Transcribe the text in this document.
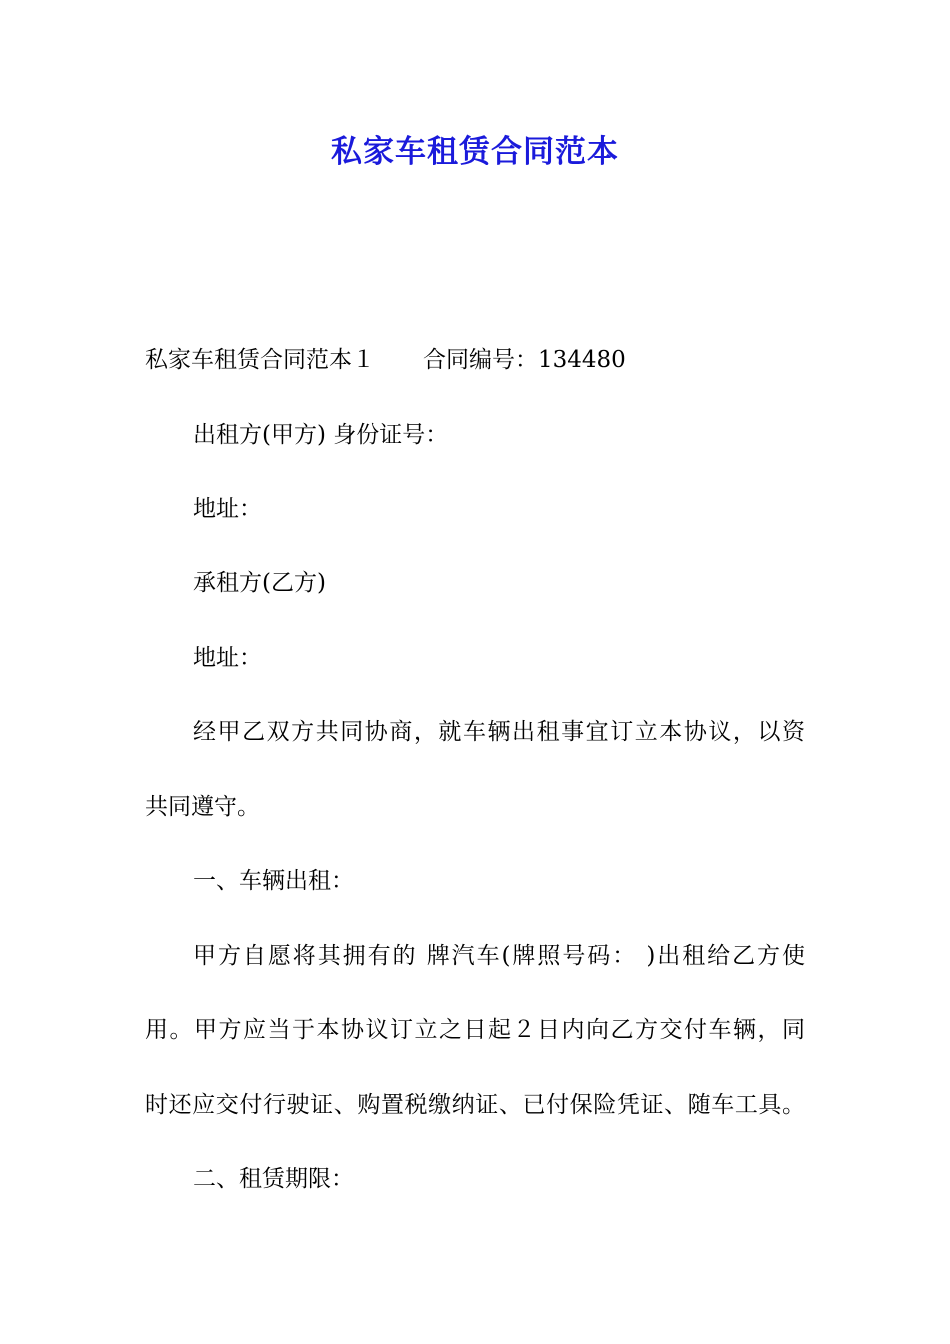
私家车租赁合同范本
私家车租赁合同范本１ 合同编号：134480
出租方(甲方) 身份证号：
地址：
承租方(乙方)
地址：
经甲乙双方共同协商，就车辆出租事宜订立本协议，以资
共同遵守。
一、车辆出租：
甲方自愿将其拥有的 牌汽车(牌照号码： )出租给乙方使
用。甲方应当于本协议订立之日起２日内向乙方交付车辆，同
时还应交付行驶证、购置税缴纳证、已付保险凭证、随车工具。
二、租赁期限：
